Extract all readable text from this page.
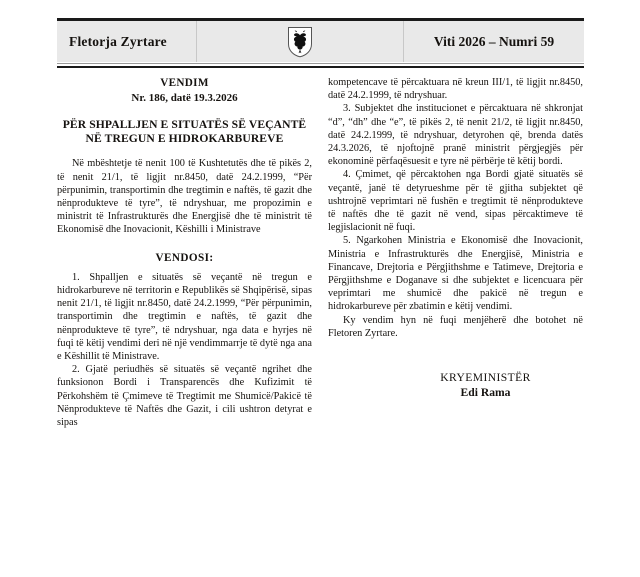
Fletorja Zyrtare	Viti 2026 – Numri 59
VENDIM
Nr. 186, datë 19.3.2026
PËR SHPALLJEN E SITUATËS SË VEÇANTË NË TREGUN E HIDROKARBUREVE

Në mbështetje të nenit 100 të Kushtetutës dhe të pikës 2, të nenit 21/1, të ligjit nr.8450, datë 24.2.1999, “Për përpunimin, transportimin dhe tregtimin e naftës, të gazit dhe nënprodukteve të tyre”, të ndryshuar, me propozimin e ministrit të Infrastrukturës dhe Energjisë dhe të ministrit të Ekonomisë dhe Inovacionit, Këshilli i Ministrave

VENDOSI:

1. Shpalljen e situatës së veçantë në tregun e hidrokarbureve në territorin e Republikës së Shqipërisë, sipas nenit 21/1, të ligjit nr.8450, datë 24.2.1999, “Për përpunimin, transportimin dhe tregtimin e naftës, të gazit dhe nënprodukteve të tyre”, të ndryshuar, nga data e hyrjes në fuqi të këtij vendimi deri në një vendimmarrje të dytë nga ana e Këshillit të Ministrave.

2. Gjatë periudhës së situatës së veçantë ngrihet dhe funksionon Bordi i Transparencës dhe Kufizimit të Përkohshëm të Çmimeve të Tregtimit me Shumicë/Pakicë të Nënprodukteve të Naftës dhe Gazit, i cili ushtron detyrat e sipas

kompetencave të përcaktuara në kreun III/1, të ligjit nr.8450, datë 24.2.1999, të ndryshuar.

3. Subjektet dhe institucionet e përcaktuara në shkronjat “d”, “dh” dhe “e”, të pikës 2, të nenit 21/2, të ligjit nr.8450, datë 24.2.1999, të ndryshuar, detyrohen që, brenda datës 24.3.2026, të njoftojnë pranë ministrit përgjegjës për ekonominë përfaqësuesit e tyre në përbërje të këtij bordi.

4. Çmimet, që përcaktohen nga Bordi gjatë situatës së veçantë, janë të detyrueshme për të gjitha subjektet që ushtrojnë veprimtari në fushën e tregtimit të nënprodukteve të naftës dhe të gazit në vend, sipas përcaktimeve të legjislacionit në fuqi.

5. Ngarkohen Ministria e Ekonomisë dhe Inovacionit, Ministria e Infrastrukturës dhe Energjisë, Ministria e Financave, Drejtoria e Përgjithshme e Tatimeve, Drejtoria e Përgjithshme e Doganave si dhe subjektet e licencuara për veprimtari me shumicë dhe pakicë në tregun e hidrokarbureve për zbatimin e këtij vendimi.

Ky vendim hyn në fuqi menjëherë dhe botohet në Fletoren Zyrtare.

KRYEMINISTËR
Edi Rama
